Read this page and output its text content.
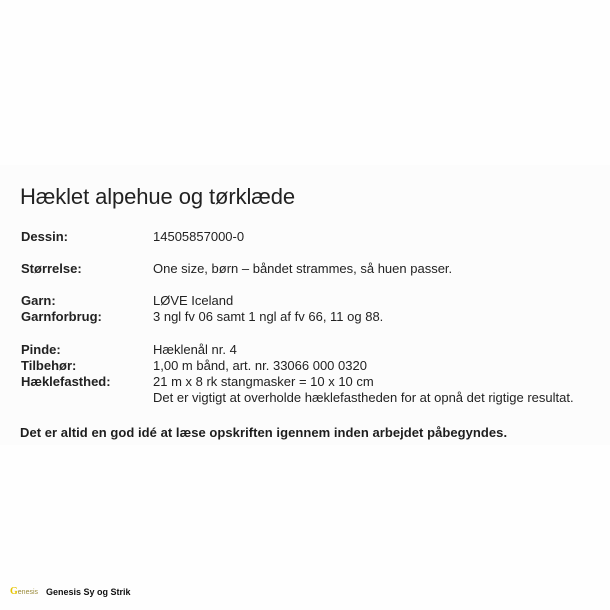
Hæklet alpehue og tørklæde
Dessin:	14505857000-0
Størrelse:	One size, børn – båndet strammes, så huen passer.
Garn:	LØVE Iceland
Garnforbrug:	3 ngl fv 06 samt 1 ngl af fv 66, 11 og 88.
Pinde:	Hæklenål nr. 4
Tilbehør:	1,00 m bånd, art. nr. 33066 000 0320
Hæklefasthed:	21 m x 8 rk stangmasker = 10 x 10 cm
Det er vigtigt at overholde hæklefastheden for at opnå det rigtige resultat.
Det er altid en god idé at læse opskriften igennem inden arbejdet påbegyndes.
G enesis Genesis Sy og Strik
